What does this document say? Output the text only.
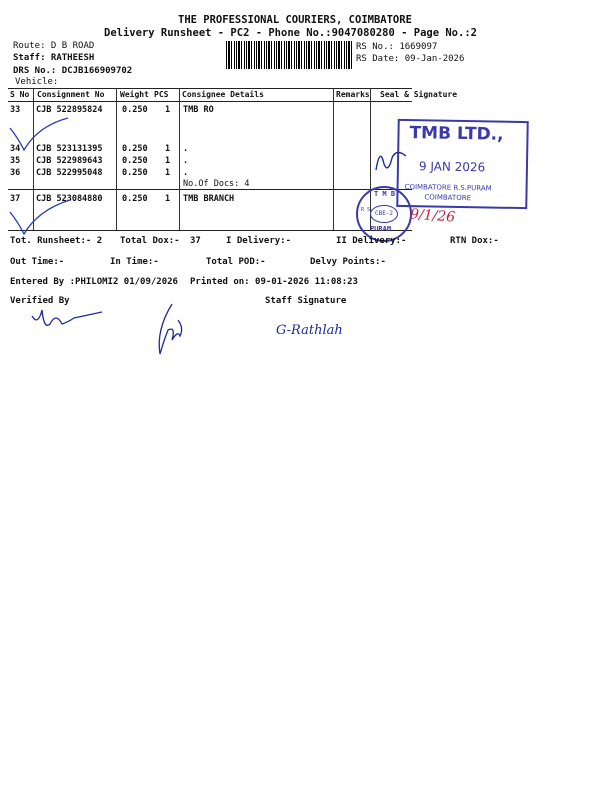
THE PROFESSIONAL COURIERS, COIMBATORE
Delivery Runsheet - PC2 - Phone No.:9047080280 - Page No.:2
Route: D B ROAD
Staff: RATHEESH
DRS No.: DCJB166909702
Vehicle:
RS No.: 1669097
RS Date: 09-Jan-2026
S No Consignment No Weight PCS Consignee Details	Remarks Seal & Signature
33 CJB 522895824 0.250 1 TMB RO
34 CJB 523131395 0.250 1 .
35 CJB 522989643 0.250 1 .
36 CJB 522995048 0.250 1 .
No.Of Docs: 4
37 CJB 523084880 0.250 1 TMB BRANCH
TMB LTD.,
9 JAN 2026
COIMBATORE R.S.PURAM
COIMBATORE
T M B
CBE-2
R S
PURAM
9/1/26
Tot. Runsheet:- 2 Total Dox:- 37	I Delivery:-	II Delivery:-	RTN Dox:-
Out Time:-	In Time:-	Total POD:-	Delvy Points:-
Entered By :PHILOMI2 01/09/2026 Printed on: 09-01-2026 11:08:23
Verified By	Staff Signature
G-Rathlah
